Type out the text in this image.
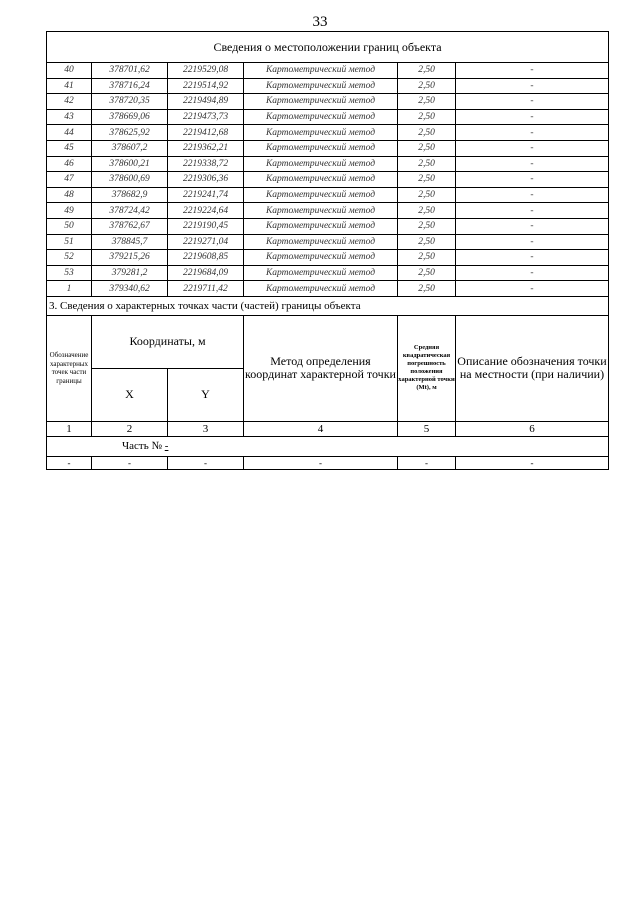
33
Сведения о местоположении границ объекта					
40	378701,62	2219529,08	Картометрический метод	2,50	-
41	378716,24	2219514,92	Картометрический метод	2,50	-
42	378720,35	2219494,89	Картометрический метод	2,50	-
43	378669,06	2219473,73	Картометрический метод	2,50	-
44	378625,92	2219412,68	Картометрический метод	2,50	-
45	378607,2	2219362,21	Картометрический метод	2,50	-
46	378600,21	2219338,72	Картометрический метод	2,50	-
47	378600,69	2219306,36	Картометрический метод	2,50	-
48	378682,9	2219241,74	Картометрический метод	2,50	-
49	378724,42	2219224,64	Картометрический метод	2,50	-
50	378762,67	2219190,45	Картометрический метод	2,50	-
51	378845,7	2219271,04	Картометрический метод	2,50	-
52	379215,26	2219608,85	Картометрический метод	2,50	-
53	379281,2	2219684,09	Картометрический метод	2,50	-
1	379340,62	2219711,42	Картометрический метод	2,50	-
3. Сведения о характерных точках части (частей) границы объекта					
Обозначение характерных точек части границы	Координаты, м		Метод определения координат характерной точки	Средняя квадратическая погрешность положения характерной точки (Mt), м	Описание обозначения точки на местности (при наличии)
	X	Y			
1	2	3	4	5	6
Часть № -					
-	-	-	-	-	-
